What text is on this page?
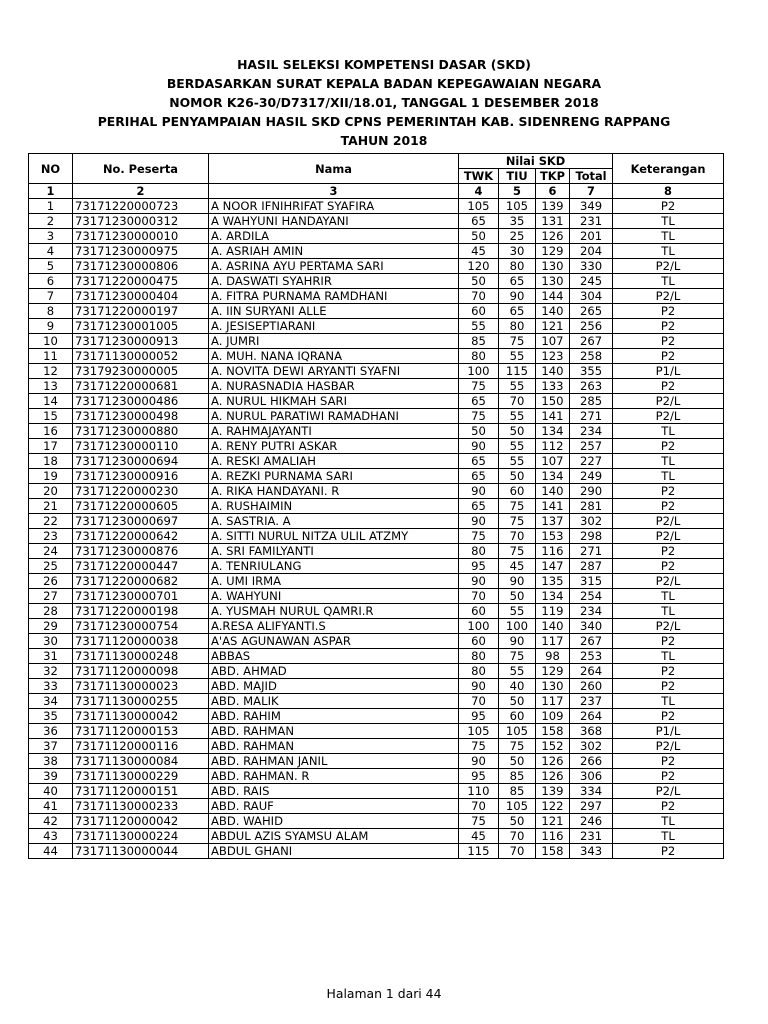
HASIL SELEKSI KOMPETENSI DASAR (SKD)
BERDASARKAN SURAT KEPALA BADAN KEPEGAWAIAN NEGARA
NOMOR K26-30/D7317/XII/18.01, TANGGAL 1 DESEMBER 2018
PERIHAL PENYAMPAIAN HASIL SKD CPNS PEMERINTAH KAB. SIDENRENG RAPPANG
TAHUN 2018
NO	No. Peserta	Nama	Nilai SKD				Keterangan
			TWK	TIU	TKP	Total	
1	2	3	4	5	6	7	8
1	73171220000723	A NOOR IFNIHRIFAT SYAFIRA	105	105	139	349	P2
2	73171230000312	A WAHYUNI HANDAYANI	65	35	131	231	TL
3	73171230000010	A. ARDILA	50	25	126	201	TL
4	73171230000975	A. ASRIAH AMIN	45	30	129	204	TL
5	73171230000806	A. ASRINA AYU PERTAMA SARI	120	80	130	330	P2/L
6	73171220000475	A. DASWATI SYAHRIR	50	65	130	245	TL
7	73171230000404	A. FITRA PURNAMA RAMDHANI	70	90	144	304	P2/L
8	73171220000197	A. IIN SURYANI ALLE	60	65	140	265	P2
9	73171230001005	A. JESISEPTIARANI	55	80	121	256	P2
10	73171230000913	A. JUMRI	85	75	107	267	P2
11	73171130000052	A. MUH. NANA IQRANA	80	55	123	258	P2
12	73179230000005	A. NOVITA DEWI ARYANTI SYAFNI	100	115	140	355	P1/L
13	73171220000681	A. NURASNADIA HASBAR	75	55	133	263	P2
14	73171230000486	A. NURUL HIKMAH SARI	65	70	150	285	P2/L
15	73171230000498	A. NURUL PARATIWI RAMADHANI	75	55	141	271	P2/L
16	73171230000880	A. RAHMAJAYANTI	50	50	134	234	TL
17	73171230000110	A. RENY PUTRI ASKAR	90	55	112	257	P2
18	73171230000694	A. RESKI AMALIAH	65	55	107	227	TL
19	73171230000916	A. REZKI PURNAMA SARI	65	50	134	249	TL
20	73171220000230	A. RIKA HANDAYANI. R	90	60	140	290	P2
21	73171220000605	A. RUSHAIMIN	65	75	141	281	P2
22	73171230000697	A. SASTRIA. A	90	75	137	302	P2/L
23	73171220000642	A. SITTI NURUL NITZA ULIL ATZMY	75	70	153	298	P2/L
24	73171230000876	A. SRI FAMILYANTI	80	75	116	271	P2
25	73171220000447	A. TENRIULANG	95	45	147	287	P2
26	73171220000682	A. UMI IRMA	90	90	135	315	P2/L
27	73171230000701	A. WAHYUNI	70	50	134	254	TL
28	73171220000198	A. YUSMAH NURUL QAMRI.R	60	55	119	234	TL
29	73171230000754	A.RESA ALIFYANTI.S	100	100	140	340	P2/L
30	73171120000038	A'AS AGUNAWAN ASPAR	60	90	117	267	P2
31	73171130000248	ABBAS	80	75	98	253	TL
32	73171120000098	ABD. AHMAD	80	55	129	264	P2
33	73171130000023	ABD. MAJID	90	40	130	260	P2
34	73171130000255	ABD. MALIK	70	50	117	237	TL
35	73171130000042	ABD. RAHIM	95	60	109	264	P2
36	73171120000153	ABD. RAHMAN	105	105	158	368	P1/L
37	73171120000116	ABD. RAHMAN	75	75	152	302	P2/L
38	73171130000084	ABD. RAHMAN JANIL	90	50	126	266	P2
39	73171130000229	ABD. RAHMAN. R	95	85	126	306	P2
40	73171120000151	ABD. RAIS	110	85	139	334	P2/L
41	73171130000233	ABD. RAUF	70	105	122	297	P2
42	73171120000042	ABD. WAHID	75	50	121	246	TL
43	73171130000224	ABDUL AZIS SYAMSU ALAM	45	70	116	231	TL
44	73171130000044	ABDUL GHANI	115	70	158	343	P2
Halaman 1 dari 44
